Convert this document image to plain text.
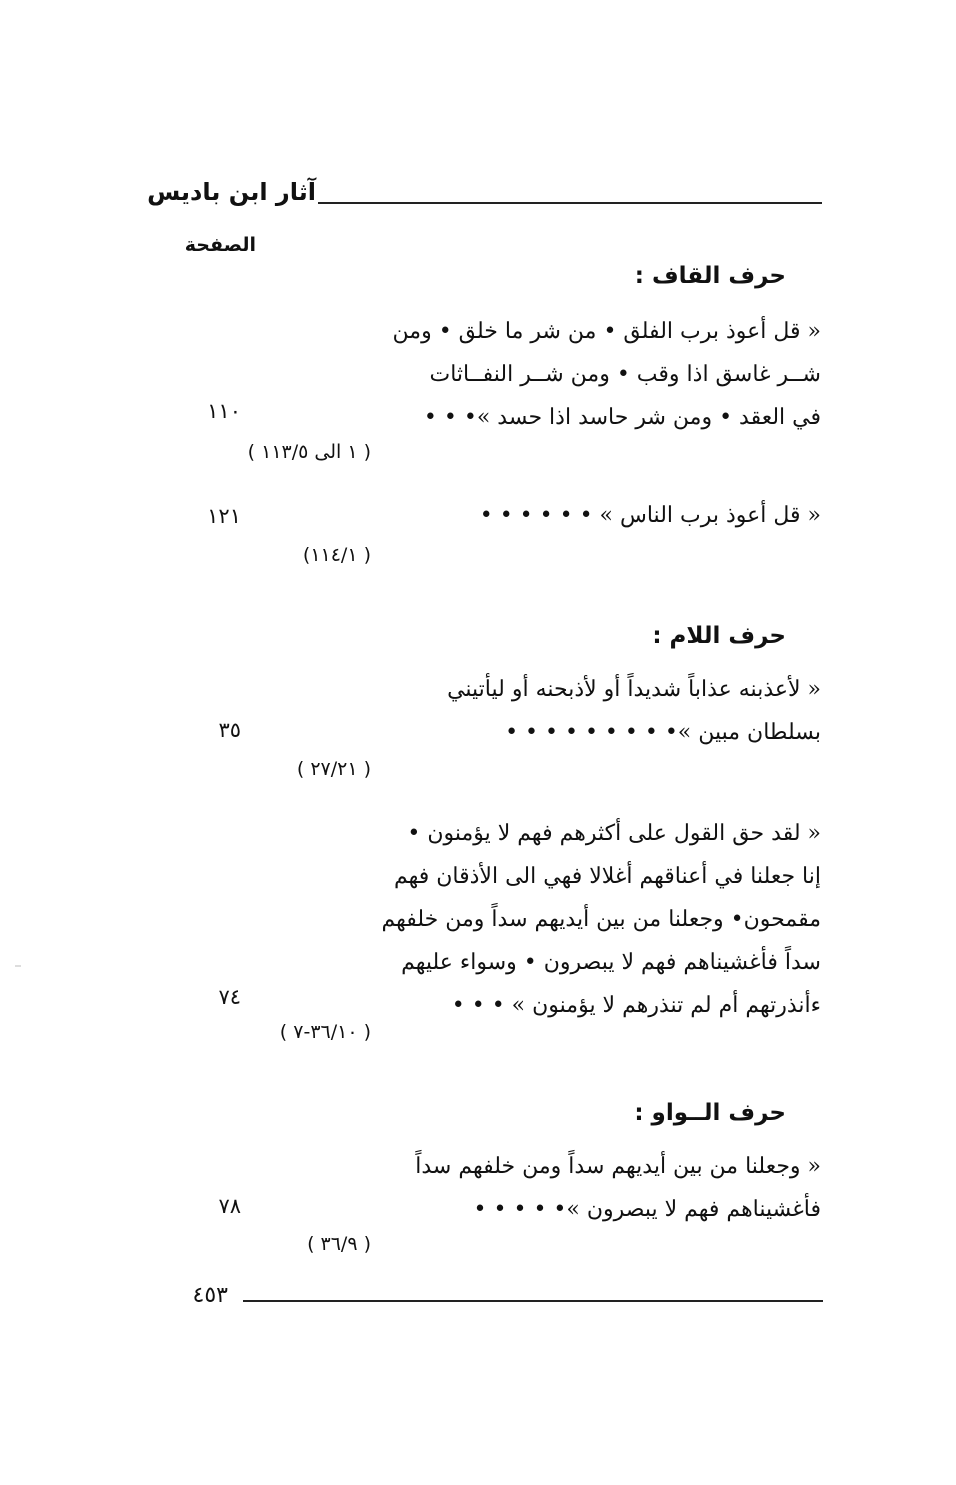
آثار ابن باديس
الصفحة
حرف القاف :
« قل أعوذ برب الفلق • من شر ما خلق • ومن
شــر غاسق اذا وقب • ومن شــر النفــاثات
في العقد • ومن شر حاسد اذا حسد »• • •
١١٠
( ١ الى ١١٣/٥ )
« قل أعوذ برب الناس » • • • • • •
١٢١
( ١١٤/١)
حرف اللام :
« لأعذبنه عذاباً شديداً أو لأذبحنه أو ليأتيني
بسلطان مبين »• • • • • • • • •
٣٥
( ٢٧/٢١ )
« لقد حق القول على أكثرهم فهم لا يؤمنون •
إنا جعلنا في أعناقهم أغلالا فهي الى الأذقان فهم
مقمحون• وجعلنا من بين أيديهم سداً ومن خلفهم
سداً فأغشيناهم فهم لا يبصرون • وسواء عليهم
ءأنذرتهم أم لم تنذرهم لا يؤمنون » • • •
٧٤
( ٣٦/١٠-٧ )
حرف الــواو :
« وجعلنا من بين أيديهم سداً ومن خلفهم سداً
فأغشيناهم فهم لا يبصرون »• • • • •
٧٨
( ٣٦/٩ )
٤٥٣
